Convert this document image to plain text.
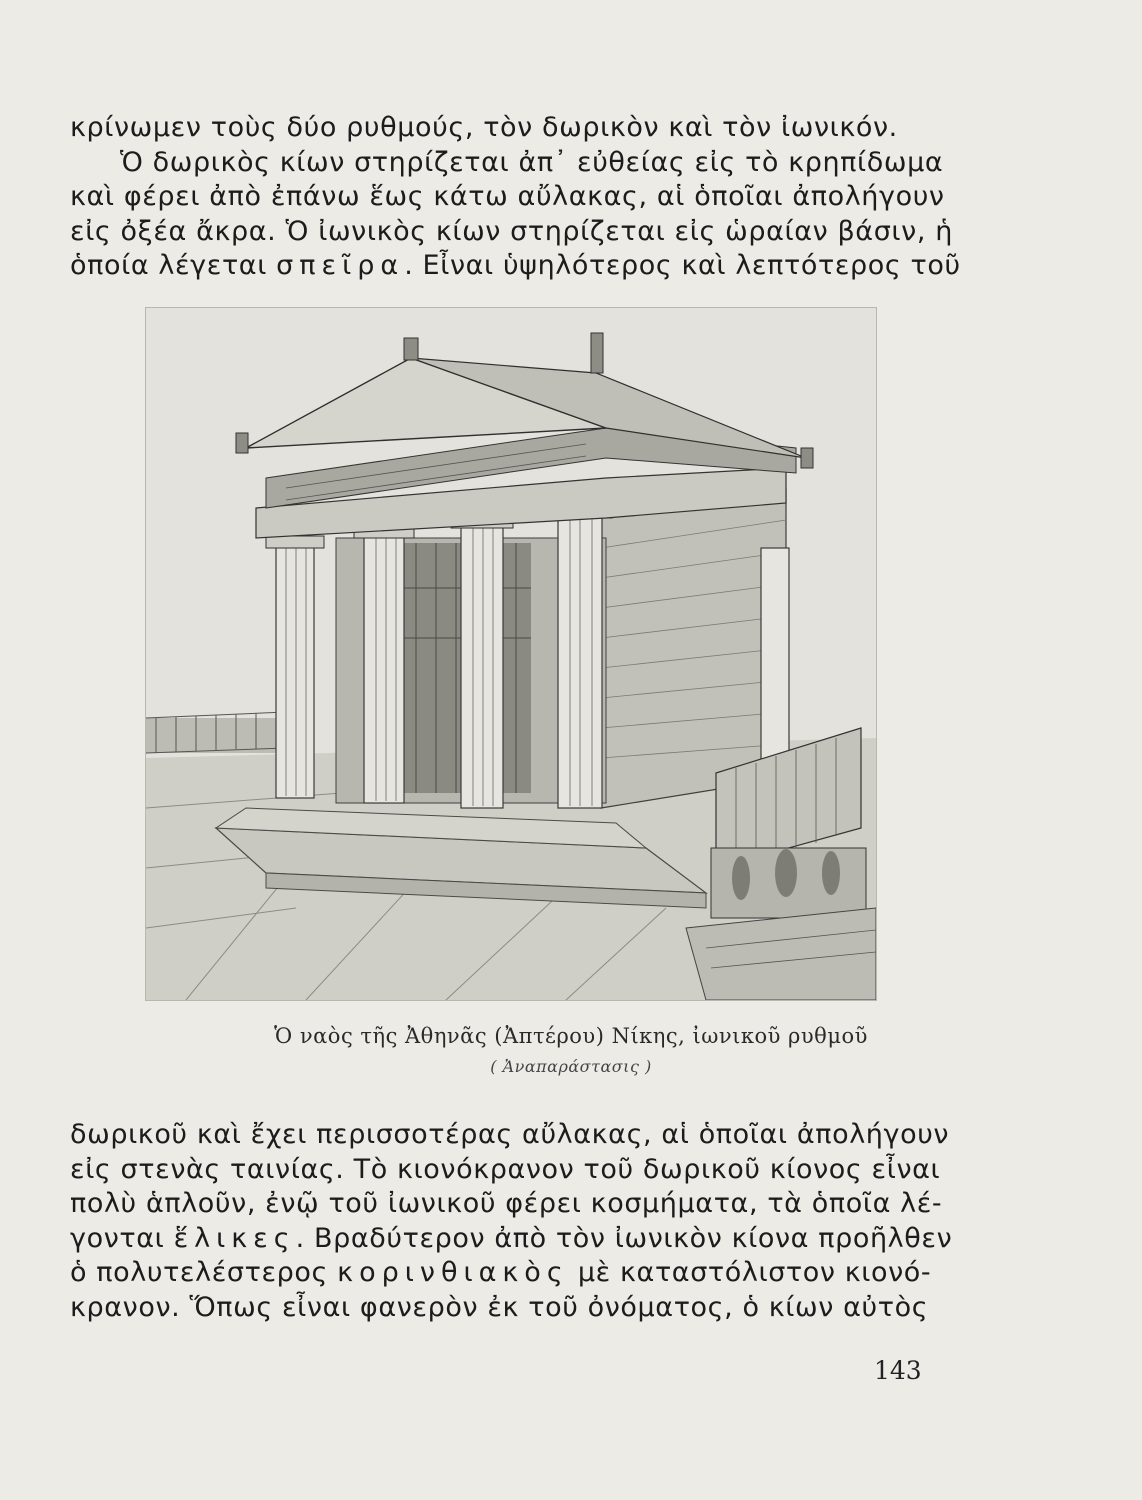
κρίνωμεν τοὺς δύο ρυθμούς, τὸν δωρικὸν καὶ τὸν ἰωνικόν.
Ὁ δωρικὸς κίων στηρίζεται ἀπ᾿ εὐθείας εἰς τὸ κρηπίδωμα
καὶ φέρει ἀπὸ ἐπάνω ἕως κάτω αὔλακας, αἱ ὁποῖαι ἀπολήγουν
εἰς ὀξέα ἄκρα. Ὁ ἰωνικὸς κίων στηρίζεται εἰς ὡραίαν βάσιν, ἡ
ὁποία λέγεται σπεῖρα. Εἶναι ὑψηλότερος καὶ λεπτότερος τοῦ
Ὁ ναὸς τῆς Ἀθηνᾶς (Ἀπτέρου) Νίκης, ἰωνικοῦ ρυθμοῦ
( Ἀναπαράστασις )
δωρικοῦ καὶ ἔχει περισσοτέρας αὔλακας, αἱ ὁποῖαι ἀπολήγουν
εἰς στενὰς ταινίας. Τὸ κιονόκρανον τοῦ δωρικοῦ κίονος εἶναι
πολὺ ἁπλοῦν, ἐνῷ τοῦ ἰωνικοῦ φέρει κοσμήματα, τὰ ὁποῖα λέ-
γονται ἕλικες. Βραδύτερον ἀπὸ τὸν ἰωνικὸν κίονα προῆλθεν
ὁ πολυτελέστερος κορινθιακὸς μὲ καταστόλιστον κιονό-
κρανον. Ὅπως εἶναι φανερὸν ἐκ τοῦ ὀνόματος, ὁ κίων αὐτὸς
143
